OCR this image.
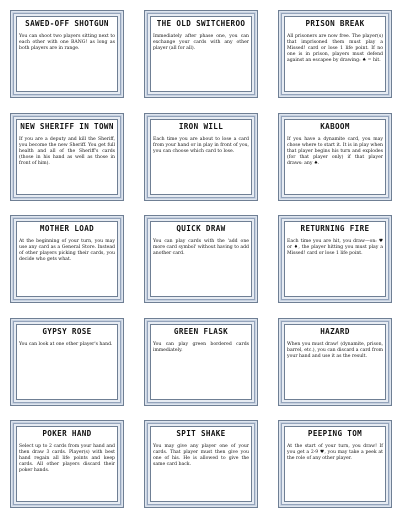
SAWED-OFF SHOTGUN
You can shoot two players sitting next to each other with one BANG! as long as both players are in range.
THE OLD SWITCHEROO
Immediately after phase one, you can exchange your cards with any other player (all for all).
PRISON BREAK
All prisoners are now free. The player(s) that imprisoned them must play a Missed! card or lose 1 life point. If no one is in prison, players must defend against an escapee by drawing: ♠ = hit.
NEW SHERIFF IN TOWN
If you are a deputy and kill the Sheriff, you become the new Sheriff. You get full health and all of the Sheriff's cards (those in his hand as well as those in front of him).
IRON WILL
Each time you are about to lose a card from your hand or in play in front of you, you can choose which card to lose.
KABOOM
If you have a dynamite card, you may chose where to start it. It is in play when that player begins his turn and explodes (for that player only) if that player draws: any ♠.
MOTHER LOAD
At the beginning of your turn, you may use any card as a General Store. Instead of other players picking their cards, you decide who gets what.
QUICK DRAW
You can play cards with the 'add one more card symbol' without having to add another card.
RETURNING FIRE
Each time you are hit, you draw—on: ♥ or ♦, the player hitting you must play a Missed! card or lose 1 life point.
GYPSY ROSE
You can look at one other player's hand.
GREEN FLASK
You can play green bordered cards immediately.
HAZARD
When you must draw! (dynamite, prison, barrel, etc.), you can discard a card from your hand and use it as the result.
POKER HAND
Select up to 2 cards from your hand and then draw 3 cards. Player(s) with best hand regain all life points and keep cards. All other players discard their poker hands.
SPIT SHAKE
You may give any player one of your cards. That player must then give you one of his. He is allowed to give the same card back.
PEEPING TOM
At the start of your turn, you draw! If you get a 2-9 ♥, you may take a peek at the role of any other player.
